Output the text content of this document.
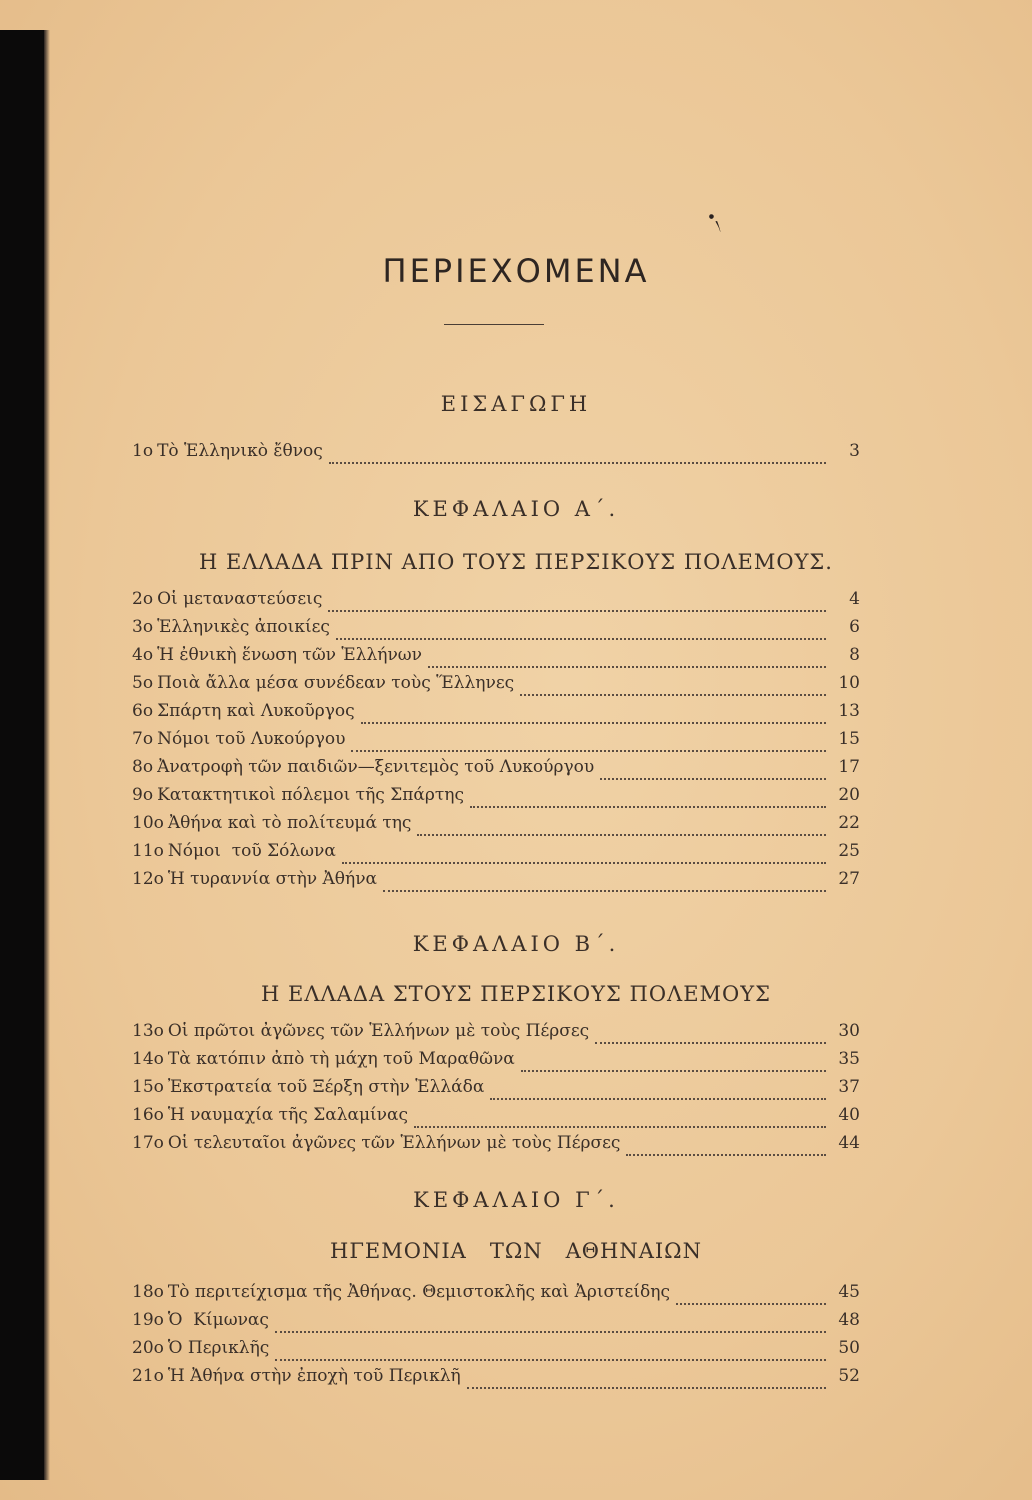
•৲
ΠΕΡΙΕΧΟΜΕΝΑ
ΕΙΣΑΓΩΓΗ
1ο Τὸ Ἑλληνικὸ ἔθνος	3
ΚΕΦΑΛΑΙΟ Α΄.
Η ΕΛΛΑΔΑ ΠΡΙΝ ΑΠΟ ΤΟΥΣ ΠΕΡΣΙΚΟΥΣ ΠΟΛΕΜΟΥΣ.
2ο Οἱ μεταναστεύσεις	4
3ο Ἑλληνικὲς ἀποικίες	6
4ο Ἡ ἐθνικὴ ἕνωση τῶν Ἑλλήνων	8
5ο Ποιὰ ἄλλα μέσα συνέδεαν τοὺς Ἕλληνες	10
6ο Σπάρτη καὶ Λυκοῦργος	13
7ο Νόμοι τοῦ Λυκούργου	15
8ο Ἀνατροφὴ τῶν παιδιῶν—ξενιτεμὸς τοῦ Λυκούργου	17
9ο Κατακτητικοὶ πόλεμοι τῆς Σπάρτης	20
10ο Ἀθήνα καὶ τὸ πολίτευμά της	22
11ο Νόμοι  τοῦ Σόλωνα	25
12ο Ἡ τυραννία στὴν Ἀθήνα	27
ΚΕΦΑΛΑΙΟ Β΄.
Η ΕΛΛΑΔΑ ΣΤΟΥΣ ΠΕΡΣΙΚΟΥΣ ΠΟΛΕΜΟΥΣ
13ο Οἱ πρῶτοι ἀγῶνες τῶν Ἑλλήνων μὲ τοὺς Πέρσες	30
14ο Τὰ κατόπιν ἀπὸ τὴ μάχη τοῦ Μαραθῶνα	35
15ο Ἐκστρατεία τοῦ Ξέρξη στὴν Ἑλλάδα	37
16ο Ἡ ναυμαχία τῆς Σαλαμίνας	40
17ο Οἱ τελευταῖοι ἀγῶνες τῶν Ἑλλήνων μὲ τοὺς Πέρσες	44
ΚΕΦΑΛΑΙΟ Γ΄.
ΗΓΕΜΟΝΙΑ   ΤΩΝ   ΑΘΗΝΑΙΩΝ
18ο Τὸ περιτείχισμα τῆς Ἀθήνας. Θεμιστοκλῆς καὶ Ἀριστείδης	45
19ο Ὁ  Κίμωνας	48
20ο Ὁ Περικλῆς	50
21ο Ἡ Ἀθήνα στὴν ἐποχὴ τοῦ Περικλῆ	52
